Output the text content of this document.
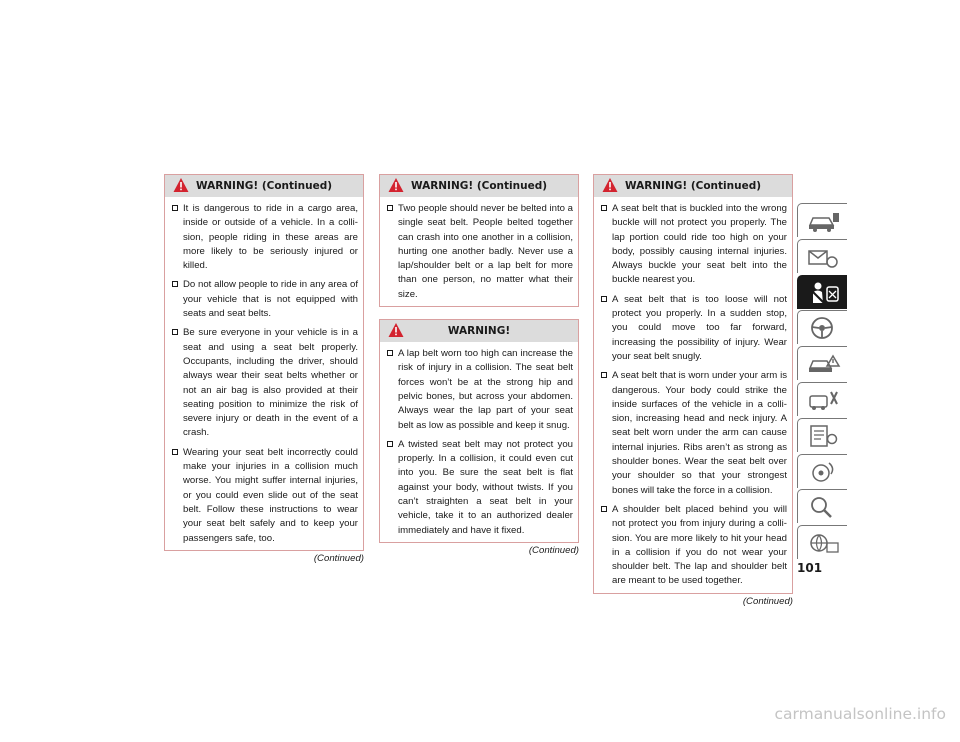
WARNING! (Continued)
It is dangerous to ride in a cargo area, inside or outside of a vehicle. In a colli-sion, people riding in these areas are more likely to be seriously injured or killed.
Do not allow people to ride in any area of your vehicle that is not equipped with seats and seat belts.
Be sure everyone in your vehicle is in a seat and using a seat belt properly. Occupants, including the driver, should always wear their seat belts whether or not an air bag is also provided at their seating position to minimize the risk of severe injury or death in the event of a crash.
Wearing your seat belt incorrectly could make your injuries in a collision much worse. You might suffer internal injuries, or you could even slide out of the seat belt. Follow these instructions to wear your seat belt safely and to keep your passengers safe, too.
(Continued)
WARNING! (Continued)
Two people should never be belted into a single seat belt. People belted together can crash into one another in a collision, hurting one another badly. Never use a lap/shoulder belt or a lap belt for more than one person, no matter what their size.
WARNING!
A lap belt worn too high can increase the risk of injury in a collision. The seat belt forces won’t be at the strong hip and pelvic bones, but across your abdomen. Always wear the lap part of your seat belt as low as possible and keep it snug.
A twisted seat belt may not protect you properly. In a collision, it could even cut into you. Be sure the seat belt is flat against your body, without twists. If you can’t straighten a seat belt in your vehicle, take it to an authorized dealer immediately and have it fixed.
(Continued)
WARNING! (Continued)
A seat belt that is buckled into the wrong buckle will not protect you properly. The lap portion could ride too high on your body, possibly causing internal injuries. Always buckle your seat belt into the buckle nearest you.
A seat belt that is too loose will not protect you properly. In a sudden stop, you could move too far forward, increasing the possibility of injury. Wear your seat belt snugly.
A seat belt that is worn under your arm is dangerous. Your body could strike the inside surfaces of the vehicle in a colli-sion, increasing head and neck injury. A seat belt worn under the arm can cause internal injuries. Ribs aren’t as strong as shoulder bones. Wear the seat belt over your shoulder so that your strongest bones will take the force in a collision.
A shoulder belt placed behind you will not protect you from injury during a colli-sion. You are more likely to hit your head in a collision if you do not wear your shoulder belt. The lap and shoulder belt are meant to be used together.
(Continued)
101
carmanualsonline.info
